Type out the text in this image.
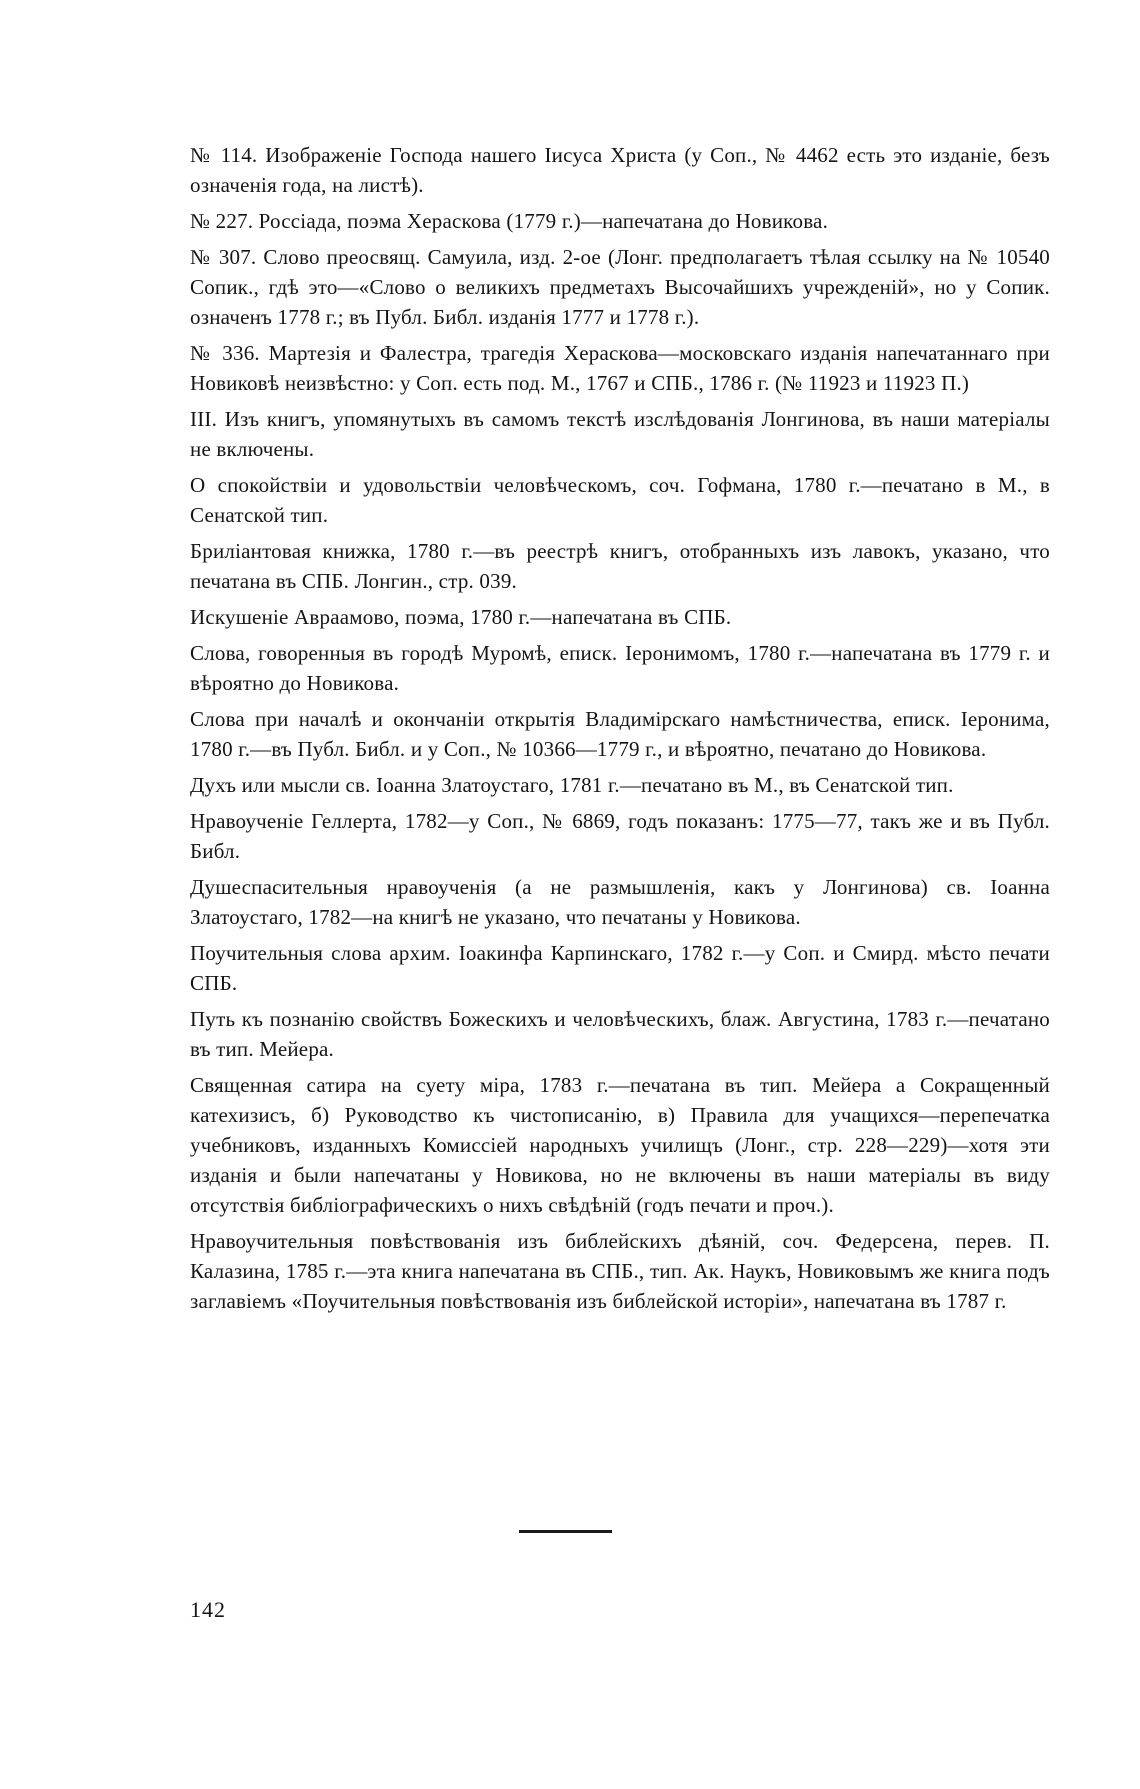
№ 114. Изображеніе Господа нашего Іисуса Христа (у Соп., № 4462 есть это изданіе, безъ означенія года, на листѣ).

№ 227. Россіада, поэма Хераскова (1779 г.)—напечатана до Новикова.

№ 307. Слово преосвящ. Самуила, изд. 2-ое (Лонг. предполагаетъ тѣлая ссылку на № 10540 Сопик., гдѣ это—«Слово о великихъ предметахъ Высочайшихъ учрежденій», но у Сопик. означенъ 1778 г.; въ Публ. Библ. изданія 1777 и 1778 г.).

№ 336. Мартезія и Фалестра, трагедія Хераскова—московскаго изданія напечатаннаго при Новиковѣ неизвѣстно: у Соп. есть под. М., 1767 и СПБ., 1786 г. (№ 11923 и 11923 П.)

III. Изъ книгъ, упомянутыхъ въ самомъ текстѣ изслѣдованія Лонгинова, въ наши матеріалы не включены.

О спокойствіи и удовольствіи человѣческомъ, соч. Гофмана, 1780 г.—печатано в М., в Сенатской тип.

Бриліантовая книжка, 1780 г.—въ реестрѣ книгъ, отобранныхъ изъ лавокъ, указано, что печатана въ СПБ. Лонгин., стр. 039.

Искушеніе Авраамово, поэма, 1780 г.—напечатана въ СПБ.

Слова, говоренныя въ городѣ Муромѣ, епиcк. Іеронимомъ, 1780 г.—напечатана въ 1779 г. и вѣроятно до Новикова.

Слова при началѣ и окончаніи открытія Владимірскаго намѣстничества, еписк. Іеронима, 1780 г.—въ Публ. Библ. и у Соп., № 10366—1779 г., и вѣроятно, печатано до Новикова.

Духъ или мысли св. Іоанна Златоустаго, 1781 г.—печатано въ М., въ Сенатской тип.

Нравоученіе Геллерта, 1782—у Соп., № 6869, годъ показанъ: 1775—77, такъ же и въ Публ. Библ.

Душеспасительныя нравоученія (а не размышленія, какъ у Лонгинова) св. Іоанна Златоустаго, 1782—на книгѣ не указано, что печатаны у Новикова.

Поучительныя слова архим. Іоакинфа Карпинскаго, 1782 г.—у Соп. и Смирд. мѣсто печати СПБ.

Путь къ познанію свойствъ Божескихъ и человѣческихъ, блаж. Августина, 1783 г.—печатано въ тип. Мейера.

Священная сатира на суету міра, 1783 г.—печатана въ тип. Мейера а Сокращенный катехизисъ, б) Руководство къ чистописанію, в) Правила для учащихся—перепечатка учебниковъ, изданныхъ Комиссіей народныхъ училищъ (Лонг., стр. 228—229)—хотя эти изданія и были напечатаны у Новикова, но не включены въ наши матеріалы въ виду отсутствія библіографическихъ о нихъ свѣдѣній (годъ печати и проч.).

Нравоучительныя повѣствованія изъ библейскихъ дѣяній, соч. Федерсена, перев. П. Калазина, 1785 г.—эта книга напечатана въ СПБ., тип. Ак. Наукъ, Новиковымъ же книга подъ заглавіемъ «Поучительныя повѣствованія изъ библейской исторіи», напечатана въ 1787 г.

142
